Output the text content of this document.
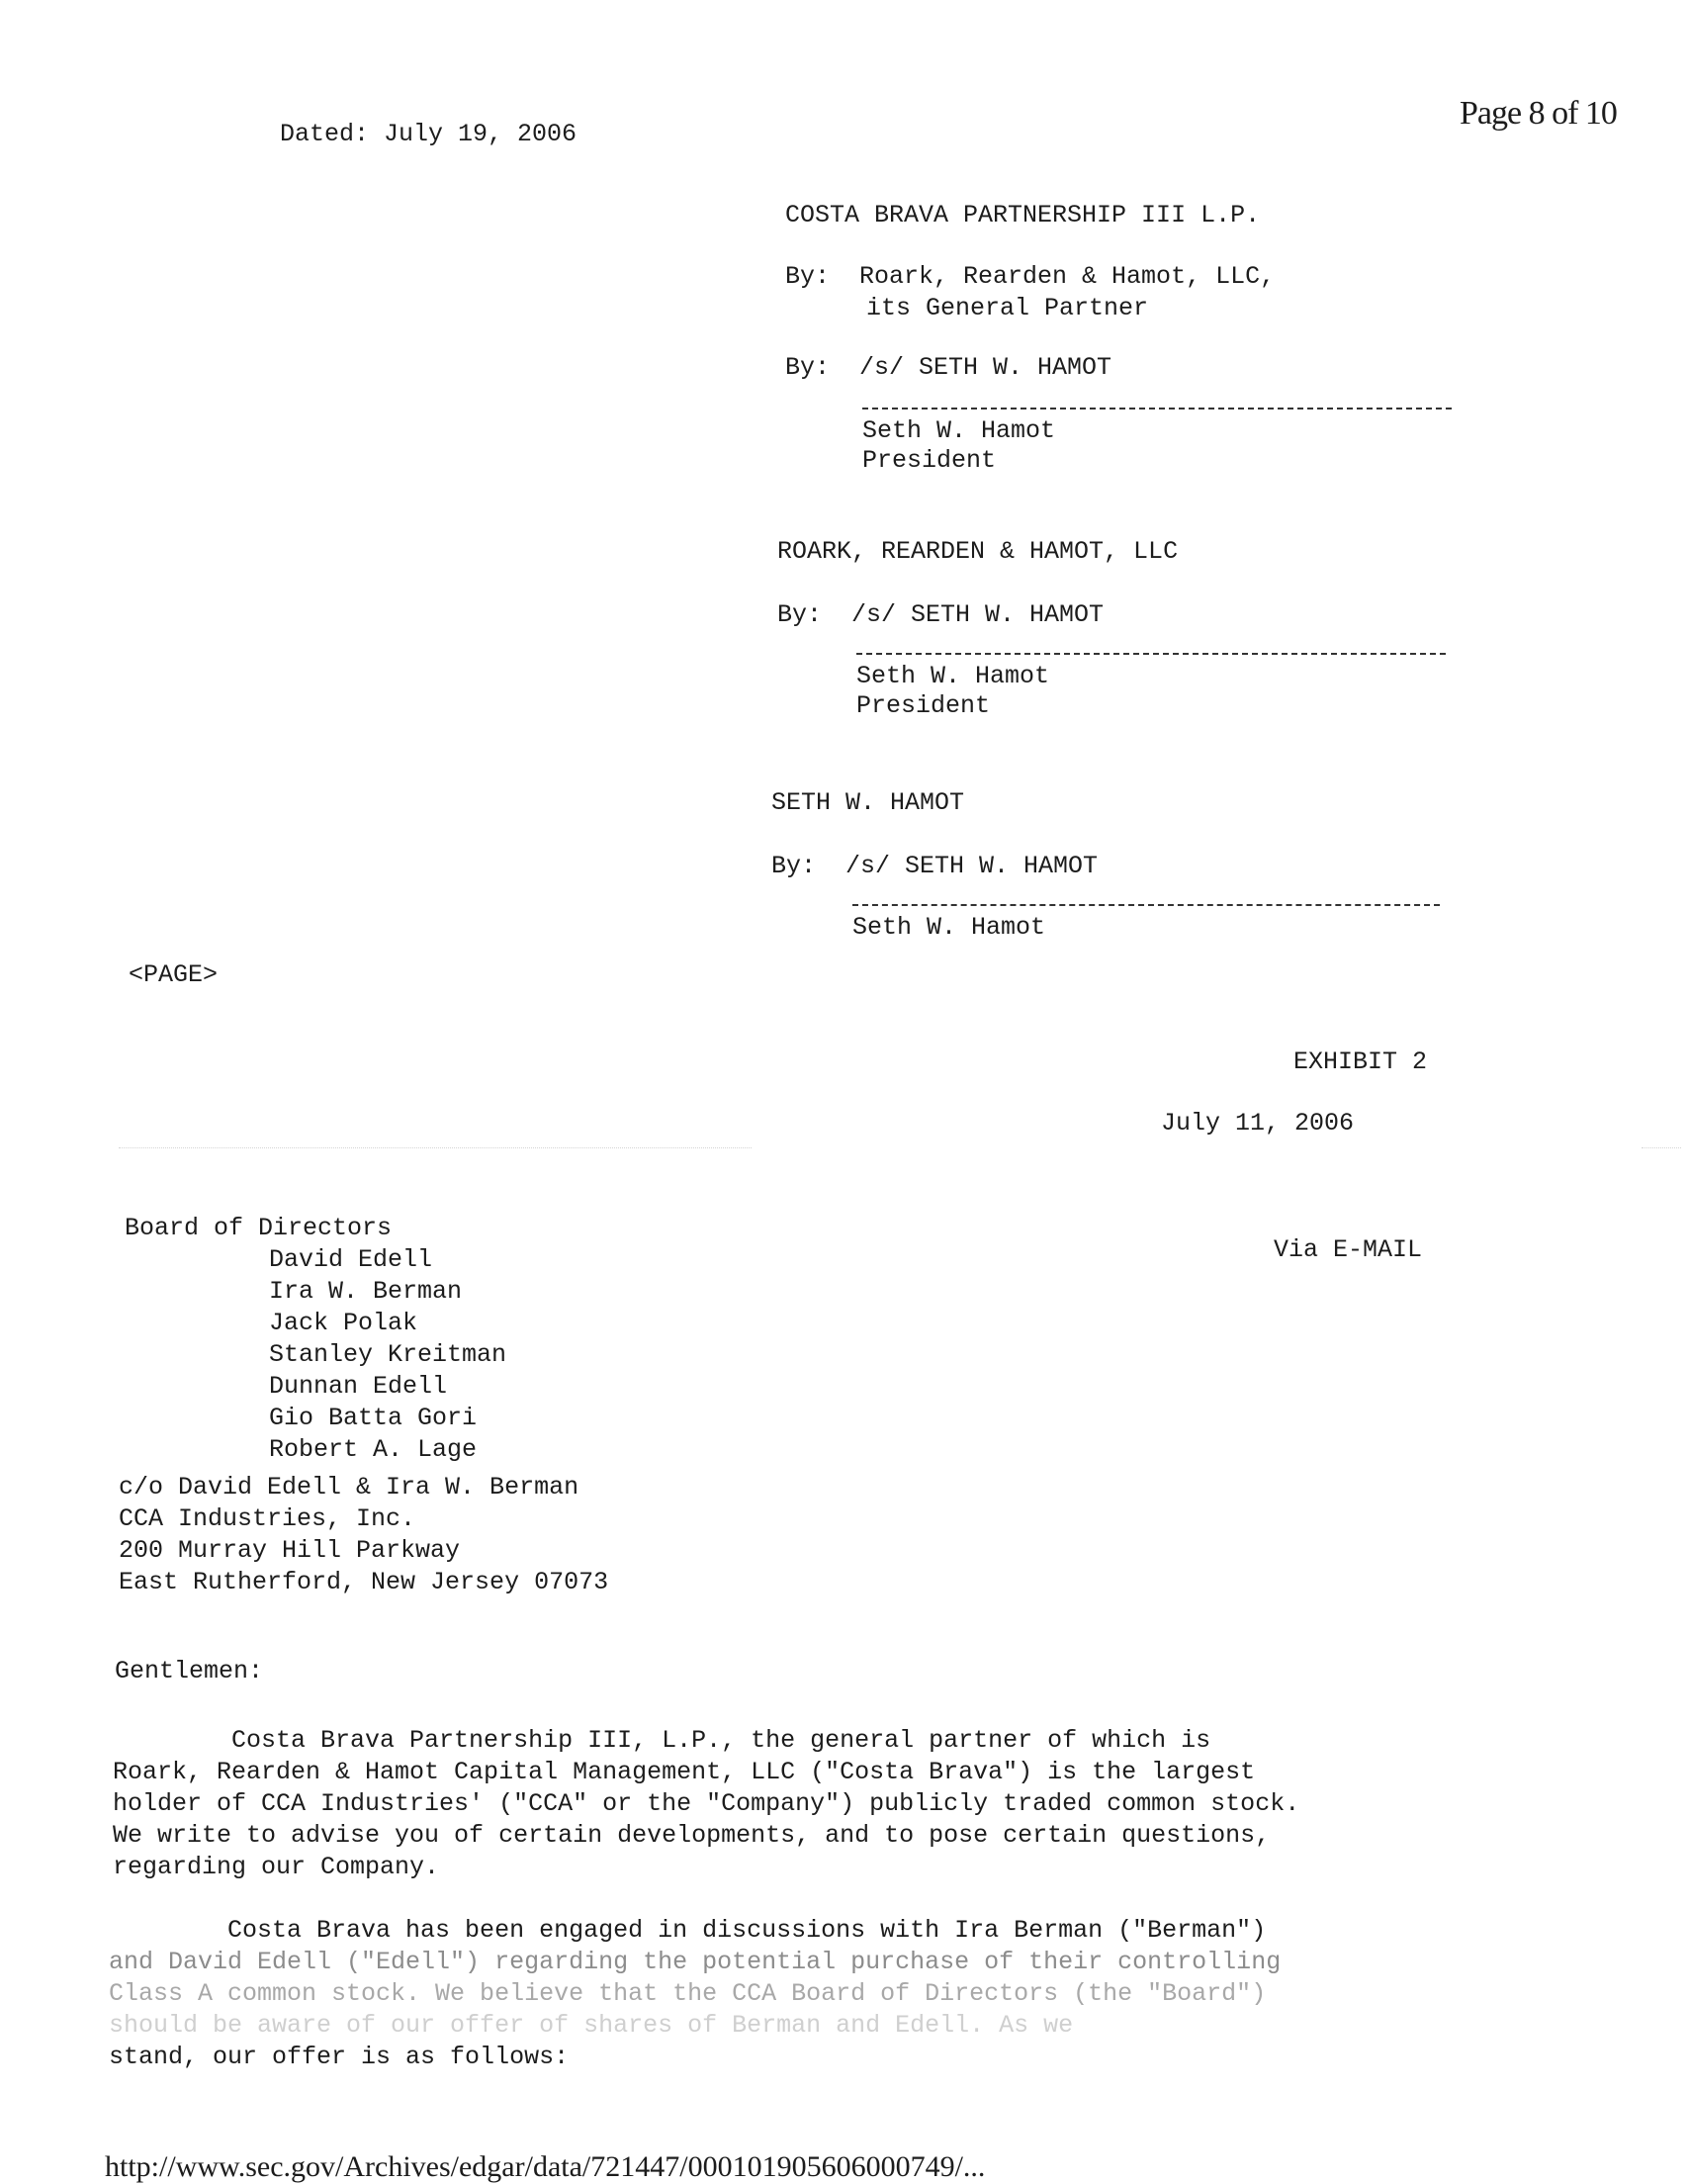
Dated: July 19, 2006
Page 8 of 10
COSTA BRAVA PARTNERSHIP III L.P.
By:  Roark, Rearden & Hamot, LLC,
its General Partner
By:  /s/ SETH W. HAMOT
Seth W. Hamot
President
ROARK, REARDEN & HAMOT, LLC
By:  /s/ SETH W. HAMOT
Seth W. Hamot
President
SETH W. HAMOT
By:  /s/ SETH W. HAMOT
Seth W. Hamot
<PAGE>
EXHIBIT 2
July 11, 2006
Board of Directors
Via E-MAIL
David Edell
Ira W. Berman
Jack Polak
Stanley Kreitman
Dunnan Edell
Gio Batta Gori
Robert A. Lage
c/o David Edell & Ira W. Berman
CCA Industries, Inc.
200 Murray Hill Parkway
East Rutherford, New Jersey 07073
Gentlemen:
Costa Brava Partnership III, L.P., the general partner of which is
Roark, Rearden & Hamot Capital Management, LLC ("Costa Brava") is the largest
holder of CCA Industries' ("CCA" or the "Company") publicly traded common stock.
We write to advise you of certain developments, and to pose certain questions,
regarding our Company.
Costa Brava has been engaged in discussions with Ira Berman ("Berman")
and David Edell ("Edell") regarding the potential purchase of their controlling
Class A common stock. We believe that the CCA Board of Directors (the "Board")
should be aware of our offer of shares of Berman and Edell. As we
stand, our offer is as follows:
http://www.sec.gov/Archives/edgar/data/721447/000101905606000749/...
